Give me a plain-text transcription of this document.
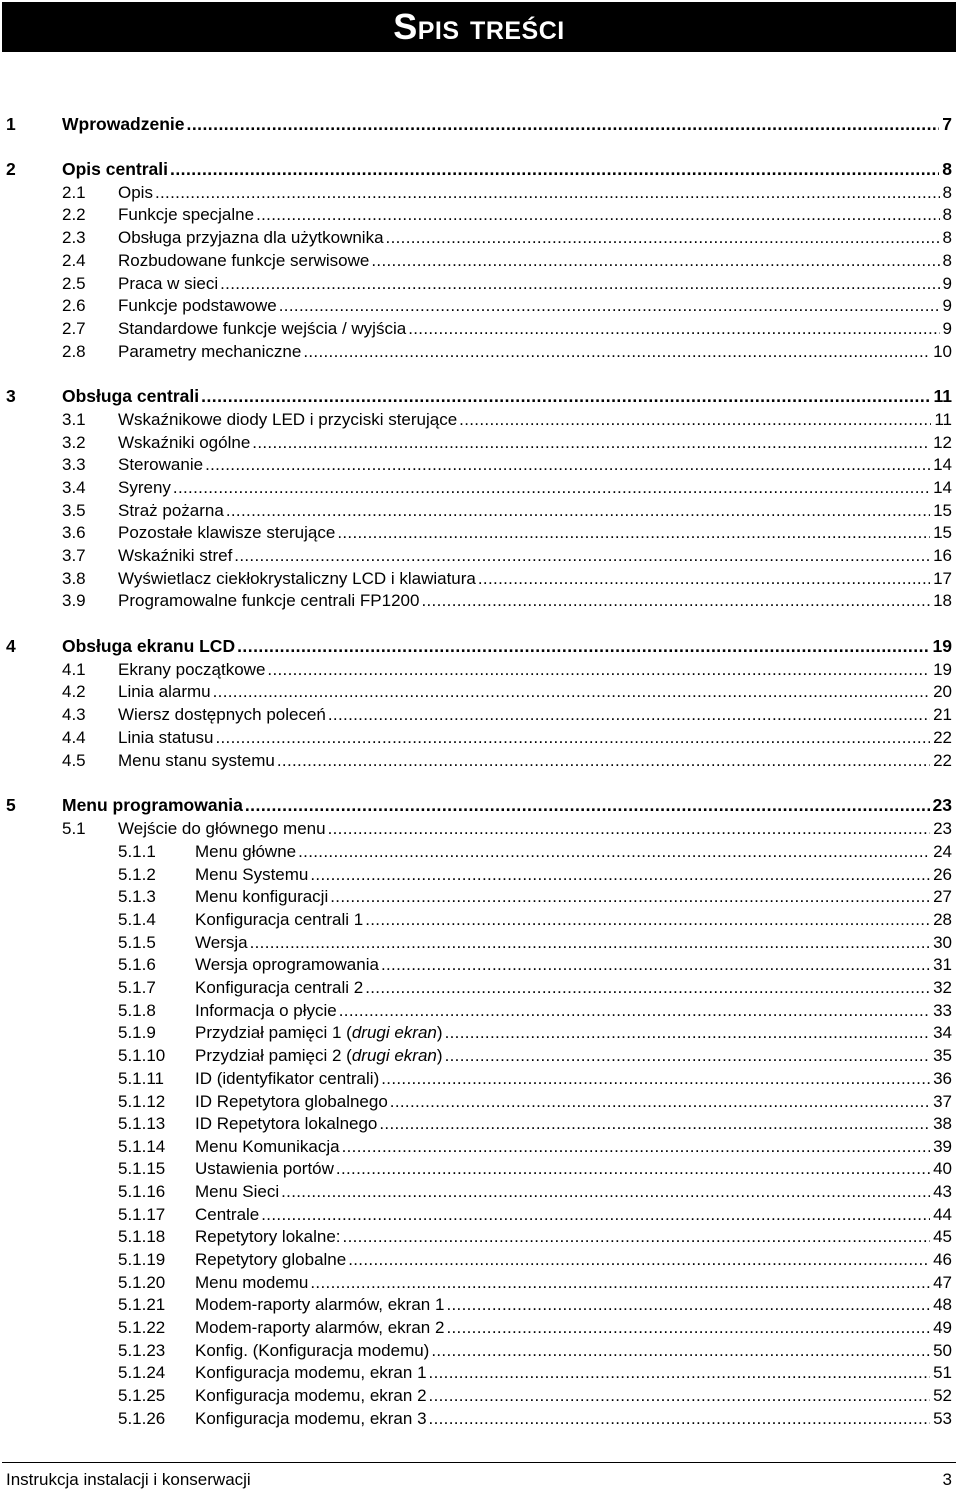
Spis treści
1	Wprowadzenie . . .	7
2	Opis centrali . . .	8
2.1 Opis . . .	8
2.2 Funkcje specjalne . . .	8
2.3 Obsługa przyjazna dla użytkownika . . .	8
2.4 Rozbudowane funkcje serwisowe . . .	8
2.5 Praca w sieci . . .	9
2.6 Funkcje podstawowe . . .	9
2.7 Standardowe funkcje wejścia / wyjścia . . .	9
2.8 Parametry mechaniczne . . .	10
3	Obsługa centrali . . .	11
3.1 Wskaźnikowe diody LED i przyciski sterujące . . .	11
3.2 Wskaźniki ogólne . . .	12
3.3 Sterowanie . . .	14
3.4 Syreny . . .	14
3.5 Straż pożarna . . .	15
3.6 Pozostałe klawisze sterujące . . .	15
3.7 Wskaźniki stref . . .	16
3.8 Wyświetlacz ciekłokrystaliczny LCD i klawiatura . . .	17
3.9 Programowalne funkcje centrali FP1200 . . .	18
4	Obsługa ekranu LCD . . .	19
4.1 Ekrany początkowe . . .	19
4.2 Linia alarmu . . .	20
4.3 Wiersz dostępnych poleceń . . .	21
4.4 Linia statusu . . .	22
4.5 Menu stanu systemu . . .	22
5	Menu programowania . . .	23
5.1 Wejście do głównego menu . . .	23
5.1.1 Menu główne . . .	24
5.1.2 Menu Systemu . . .	26
5.1.3 Menu konfiguracji . . .	27
5.1.4 Konfiguracja centrali 1 . . .	28
5.1.5 Wersja . . .	30
5.1.6 Wersja oprogramowania . . .	31
5.1.7 Konfiguracja centrali 2 . . .	32
5.1.8 Informacja o płycie . . .	33
5.1.9 Przydział pamięci 1 (drugi ekran) . . .	34
5.1.10 Przydział pamięci 2 (drugi ekran) . . .	35
5.1.11 ID (identyfikator centrali) . . .	36
5.1.12 ID Repetytora globalnego . . .	37
5.1.13 ID Repetytora lokalnego . . .	38
5.1.14 Menu Komunikacja . . .	39
5.1.15 Ustawienia portów . . .	40
5.1.16 Menu Sieci . . .	43
5.1.17 Centrale . . .	44
5.1.18 Repetytory lokalne: . . .	45
5.1.19 Repetytory globalne . . .	46
5.1.20 Menu modemu . . .	47
5.1.21 Modem-raporty alarmów, ekran 1 . . .	48
5.1.22 Modem-raporty alarmów, ekran 2 . . .	49
5.1.23 Konfig. (Konfiguracja modemu) . . .	50
5.1.24 Konfiguracja modemu, ekran 1 . . .	51
5.1.25 Konfiguracja modemu, ekran 2 . . .	52
5.1.26 Konfiguracja modemu, ekran 3 . . .	53
Instrukcja instalacji i konserwacji	3
